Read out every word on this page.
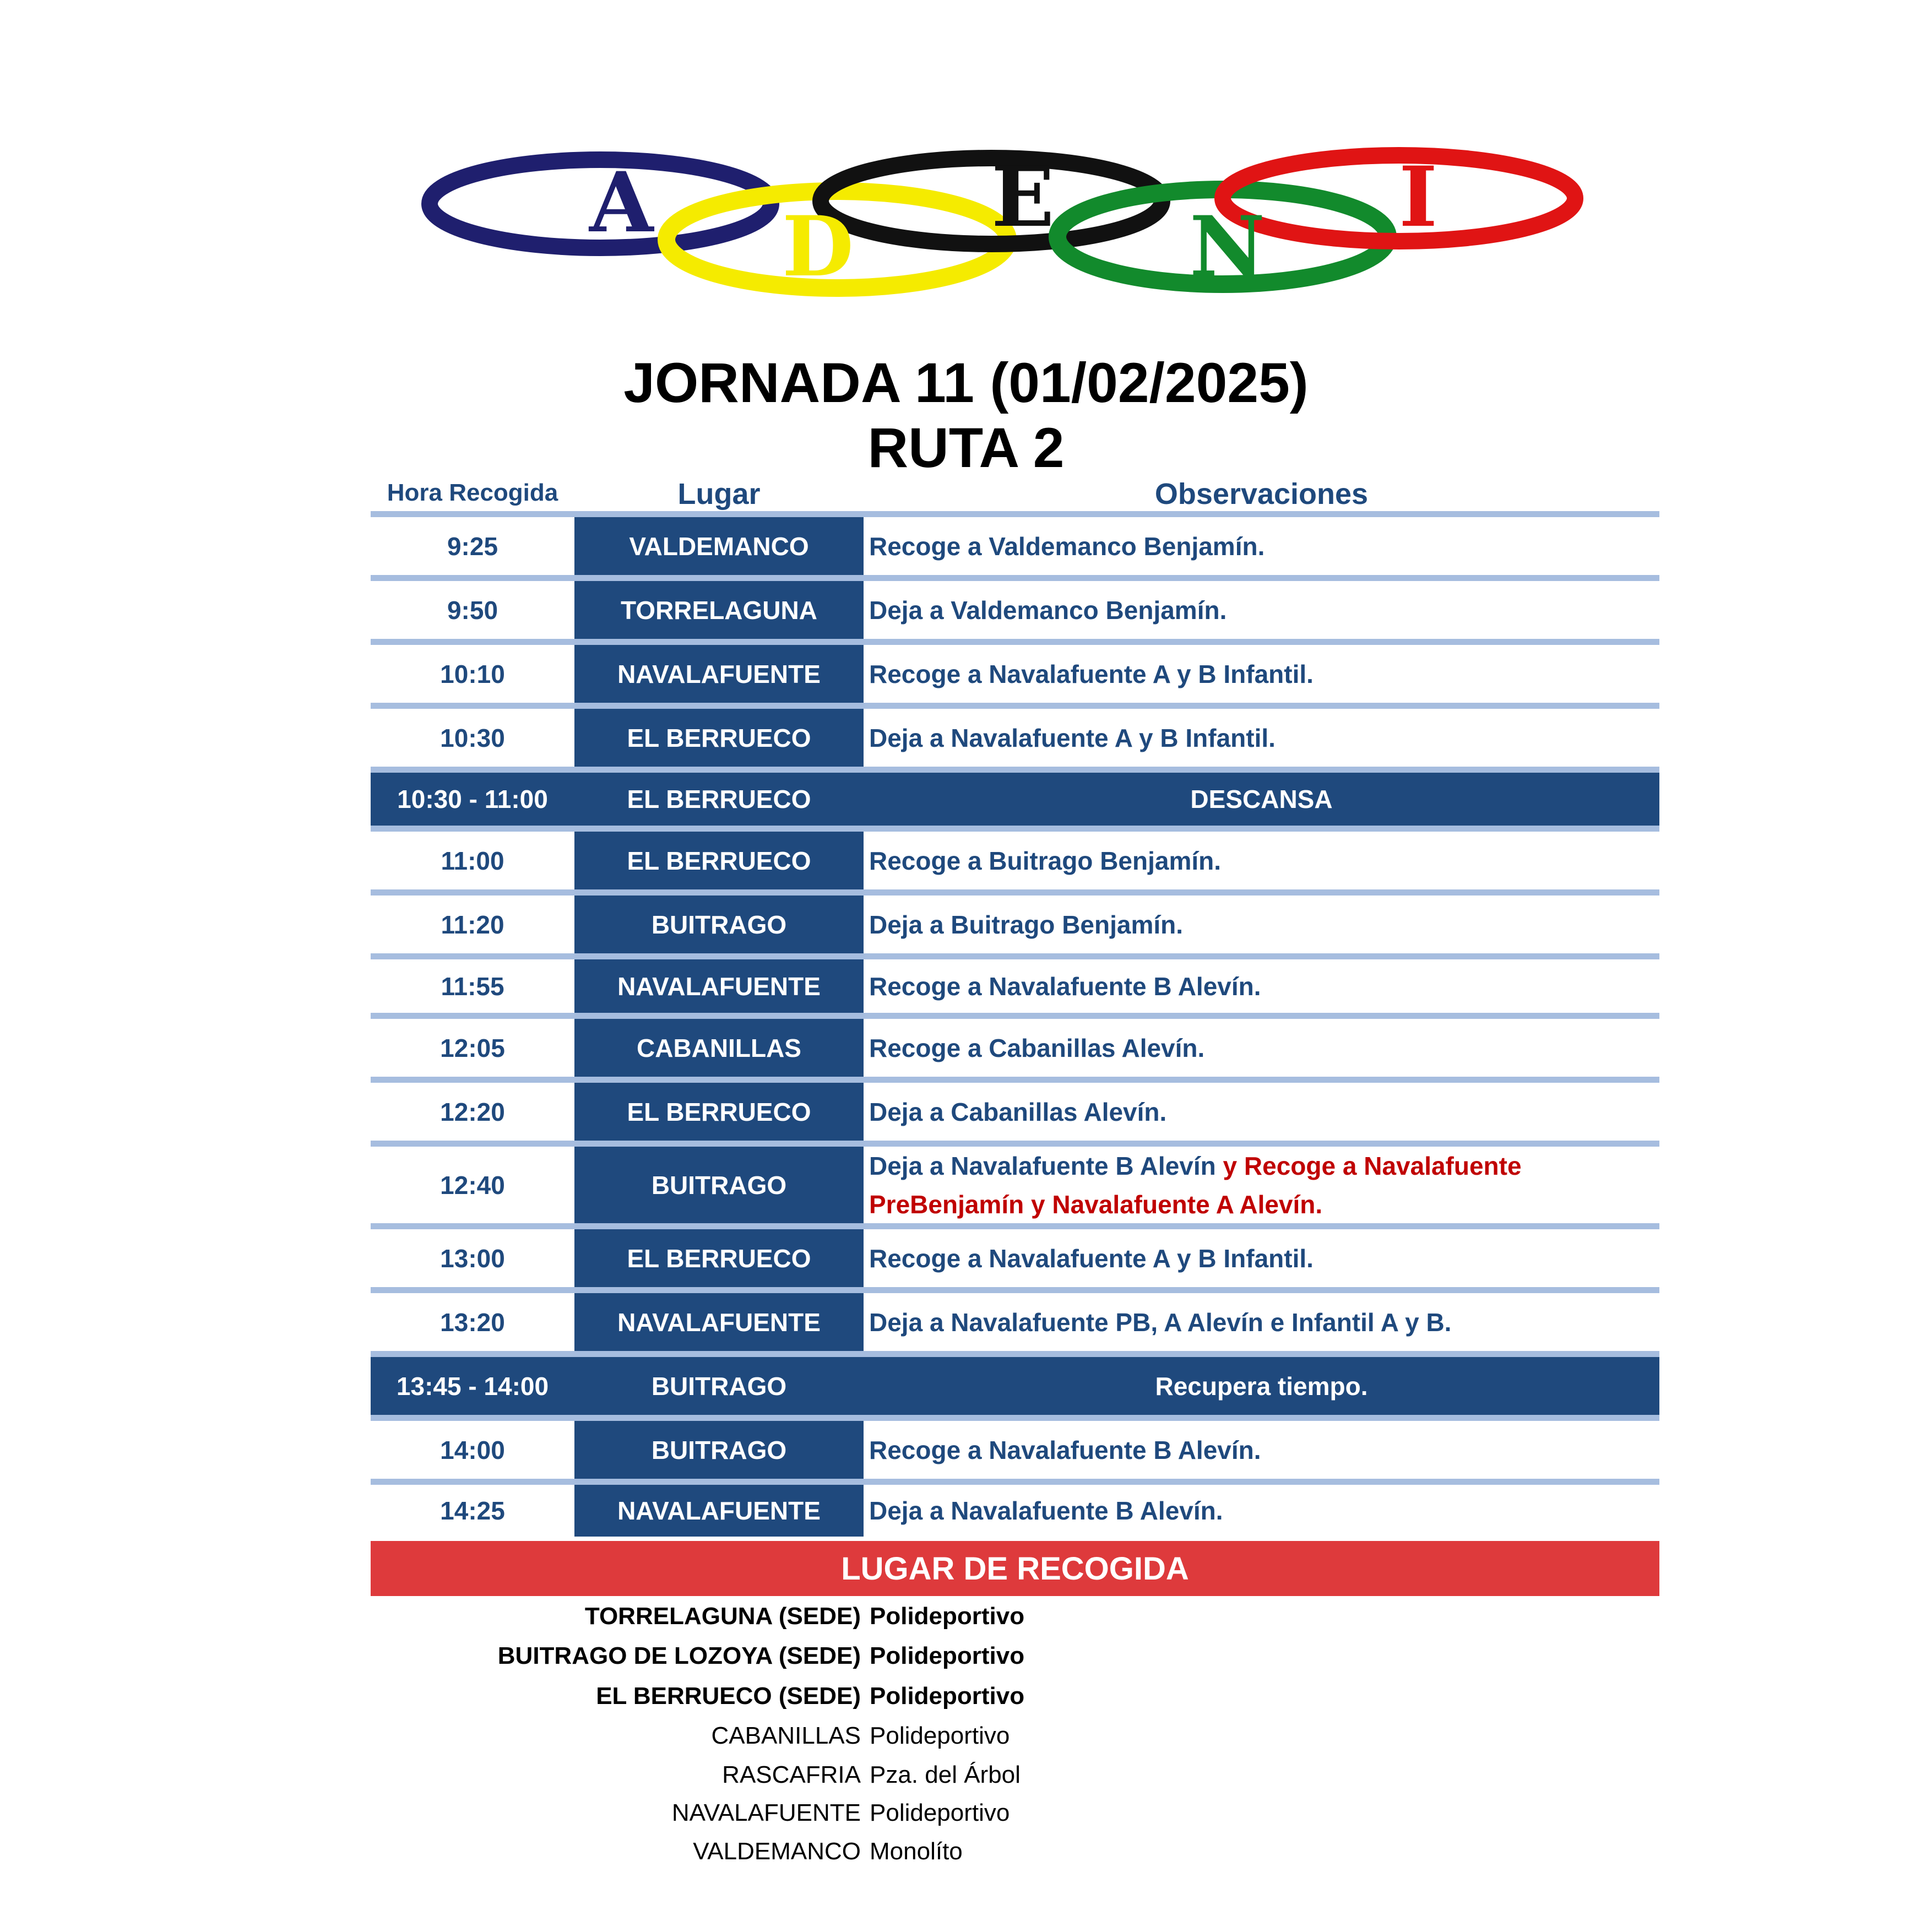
A D
E
N
I
JORNADA 11 (01/02/2025)
RUTA 2
Hora Recogida	Lugar	Observaciones
9:25	VALDEMANCO	Recoge a Valdemanco Benjamín.
9:50	TORRELAGUNA	Deja a Valdemanco Benjamín.
10:10	NAVALAFUENTE	Recoge a Navalafuente A y B Infantil.
10:30	EL BERRUECO	Deja a Navalafuente A y B Infantil.
10:30 - 11:00	EL BERRUECO	DESCANSA
11:00	EL BERRUECO	Recoge a Buitrago Benjamín.
11:20	BUITRAGO	Deja a Buitrago Benjamín.
11:55	NAVALAFUENTE	Recoge a Navalafuente B Alevín.
12:05	CABANILLAS	Recoge a Cabanillas Alevín.
12:20	EL BERRUECO	Deja a Cabanillas Alevín.
12:40	BUITRAGO
Deja a Navalafuente B Alevín y Recoge a Navalafuente PreBenjamín y Navalafuente A Alevín.
13:00	EL BERRUECO	Recoge a Navalafuente A y B Infantil.
13:20	NAVALAFUENTE	Deja a Navalafuente PB, A Alevín e Infantil A y B.
13:45 - 14:00	BUITRAGO	Recupera tiempo.
14:00	BUITRAGO	Recoge a Navalafuente B Alevín.
14:25	NAVALAFUENTE	Deja a Navalafuente B Alevín.
LUGAR DE RECOGIDA
TORRELAGUNA (SEDE) Polideportivo
BUITRAGO DE LOZOYA (SEDE) Polideportivo
EL BERRUECO (SEDE) Polideportivo
CABANILLAS Polideportivo
RASCAFRIA Pza. del Árbol
NAVALAFUENTE Polideportivo
VALDEMANCO Monolíto
